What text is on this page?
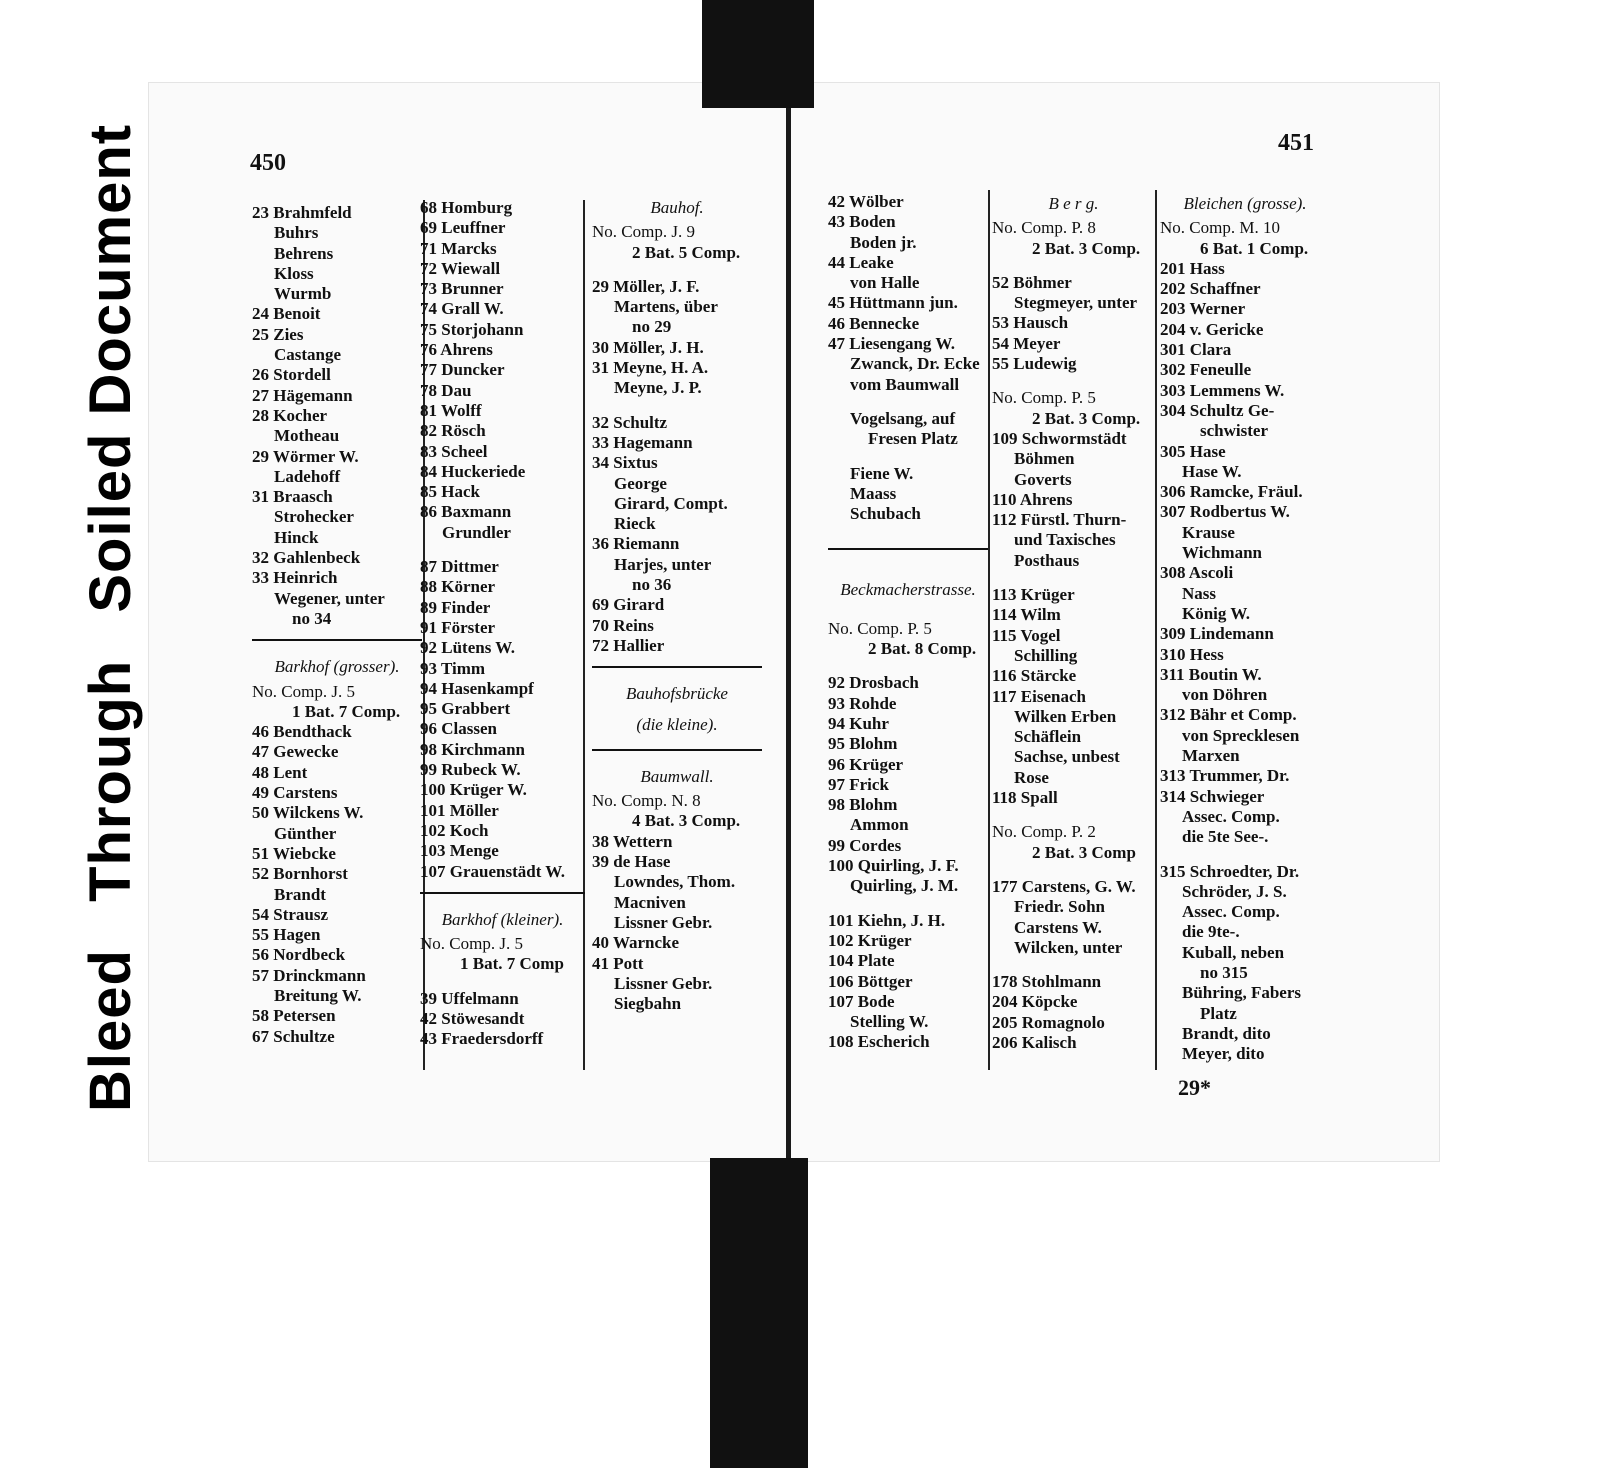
Bleed Through Soiled Document	450
451
23 Brahmfeld
Buhrs
Behrens
Kloss
Wurmb
24 Benoit
25 Zies
Castange
26 Stordell
27 Hägemann
28 Kocher
Motheau
29 Wörmer W.
Ladehoff
31 Braasch
Strohecker
Hinck
32 Gahlenbeck
33 Heinrich
Wegener, unter
no 34
Barkhof (grosser).
No. Comp. J. 5
1 Bat. 7 Comp.
46 Bendthack
47 Gewecke
48 Lent
49 Carstens
50 Wilckens W.
Günther
51 Wiebcke
52 Bornhorst
Brandt
54 Strausz
55 Hagen
56 Nordbeck
57 Drinckmann
Breitung W.
58 Petersen
67 Schultze
68 Homburg
69 Leuffner
71 Marcks
72 Wiewall
73 Brunner
74 Grall W.
75 Storjohann
76 Ahrens
77 Duncker
78 Dau
81 Wolff
82 Rösch
83 Scheel
84 Huckeriede
85 Hack
86 Baxmann
Grundler
87 Dittmer
88 Körner
89 Finder
91 Förster
92 Lütens W.
93 Timm
94 Hasenkampf
95 Grabbert
96 Classen
98 Kirchmann
99 Rubeck W.
100 Krüger W.
101 Möller
102 Koch
103 Menge
107 Grauenstädt W.
Barkhof (kleiner).
No. Comp. J. 5
1 Bat. 7 Comp
39 Uffelmann
42 Stöwesandt
43 Fraedersdorff
Bauhof.
No. Comp. J. 9
2 Bat. 5 Comp.
29 Möller, J. F.
Martens, über
no 29
30 Möller, J. H.
31 Meyne, H. A.
Meyne, J. P.
32 Schultz
33 Hagemann
34 Sixtus
George
Girard, Compt.
Rieck
36 Riemann
Harjes, unter
no 36
69 Girard
70 Reins
72 Hallier
Bauhofsbrücke
(die kleine).
Baumwall.
No. Comp. N. 8
4 Bat. 3 Comp.
38 Wettern
39 de Hase
Lowndes, Thom.
Macniven
Lissner Gebr.
40 Warncke
41 Pott
Lissner Gebr.
Siegbahn
42 Wölber
43 Boden
Boden jr.
44 Leake
von Halle
45 Hüttmann jun.
46 Bennecke
47 Liesengang W.
Zwanck, Dr. Ecke
vom Baumwall
Vogelsang, auf
Fresen Platz
Fiene W.
Maass
Schubach
Beckmacherstrasse.
No. Comp. P. 5
2 Bat. 8 Comp.
92 Drosbach
93 Rohde
94 Kuhr
95 Blohm
96 Krüger
97 Frick
98 Blohm
Ammon
99 Cordes
100 Quirling, J. F.
Quirling, J. M.
101 Kiehn, J. H.
102 Krüger
104 Plate
106 Böttger
107 Bode
Stelling W.
108 Escherich
B e r g.
No. Comp. P. 8
2 Bat. 3 Comp.
52 Böhmer
Stegmeyer, unter
53 Hausch
54 Meyer
55 Ludewig
No. Comp. P. 5
2 Bat. 3 Comp.
109 Schwormstädt
Böhmen
Goverts
110 Ahrens
112 Fürstl. Thurn-
und Taxisches
Posthaus
113 Krüger
114 Wilm
115 Vogel
Schilling
116 Stärcke
117 Eisenach
Wilken Erben
Schäflein
Sachse, unbest
Rose
118 Spall
No. Comp. P. 2
2 Bat. 3 Comp
177 Carstens, G. W.
Friedr. Sohn
Carstens W.
Wilcken, unter
178 Stohlmann
204 Köpcke
205 Romagnolo
206 Kalisch
Bleichen (grosse).
No. Comp. M. 10
6 Bat. 1 Comp.
201 Hass
202 Schaffner
203 Werner
204 v. Gericke
301 Clara
302 Feneulle
303 Lemmens W.
304 Schultz Ge-
schwister
305 Hase
Hase W.
306 Ramcke, Fräul.
307 Rodbertus W.
Krause
Wichmann
308 Ascoli
Nass
König W.
309 Lindemann
310 Hess
311 Boutin W.
von Döhren
312 Bähr et Comp.
von Sprecklesen
Marxen
313 Trummer, Dr.
314 Schwieger
Assec. Comp.
die 5te See-.
315 Schroedter, Dr.
Schröder, J. S.
Assec. Comp.
die 9te-.
Kuball, neben
no 315
Bühring, Fabers
Platz
Brandt, dito
Meyer, dito
29*
